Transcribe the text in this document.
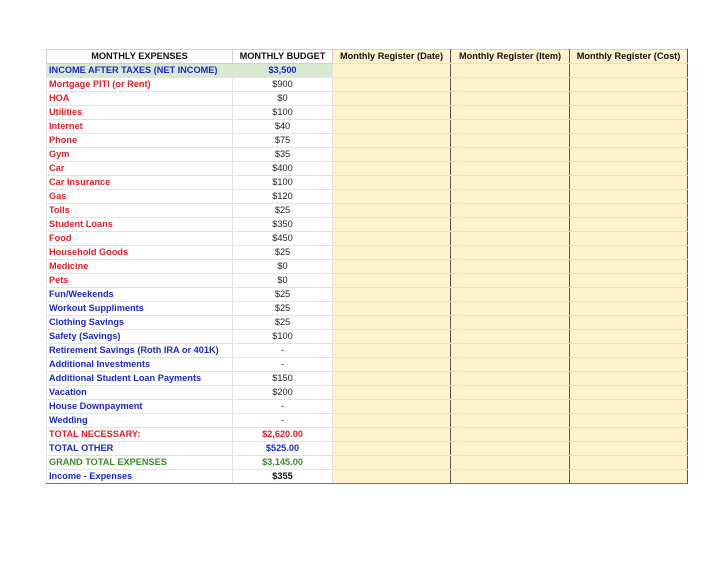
MONTHLY EXPENSES	MONTHLY BUDGET	Monthly Register (Date)	Monthly Register (Item)	Monthly Register (Cost)
INCOME AFTER TAXES (NET INCOME)	$3,500			
Mortgage PITI (or Rent)	$900			
HOA	$0			
Utilities	$100			
Internet	$40			
Phone	$75			
Gym	$35			
Car	$400			
Car Insurance	$100			
Gas	$120			
Tolls	$25			
Student Loans	$350			
Food	$450			
Household Goods	$25			
Medicine	$0			
Pets	$0			
Fun/Weekends	$25			
Workout Suppliments	$25			
Clothing Savings	$25			
Safety (Savings)	$100			
Retirement Savings (Roth IRA or 401K)	-			
Additional Investments	-			
Additional Student Loan Payments	$150			
Vacation	$200			
House Downpayment	-			
Wedding	-			
TOTAL NECESSARY:	$2,620.00			
TOTAL OTHER	$525.00			
GRAND TOTAL EXPENSES	$3,145.00			
Income - Expenses	$355			
